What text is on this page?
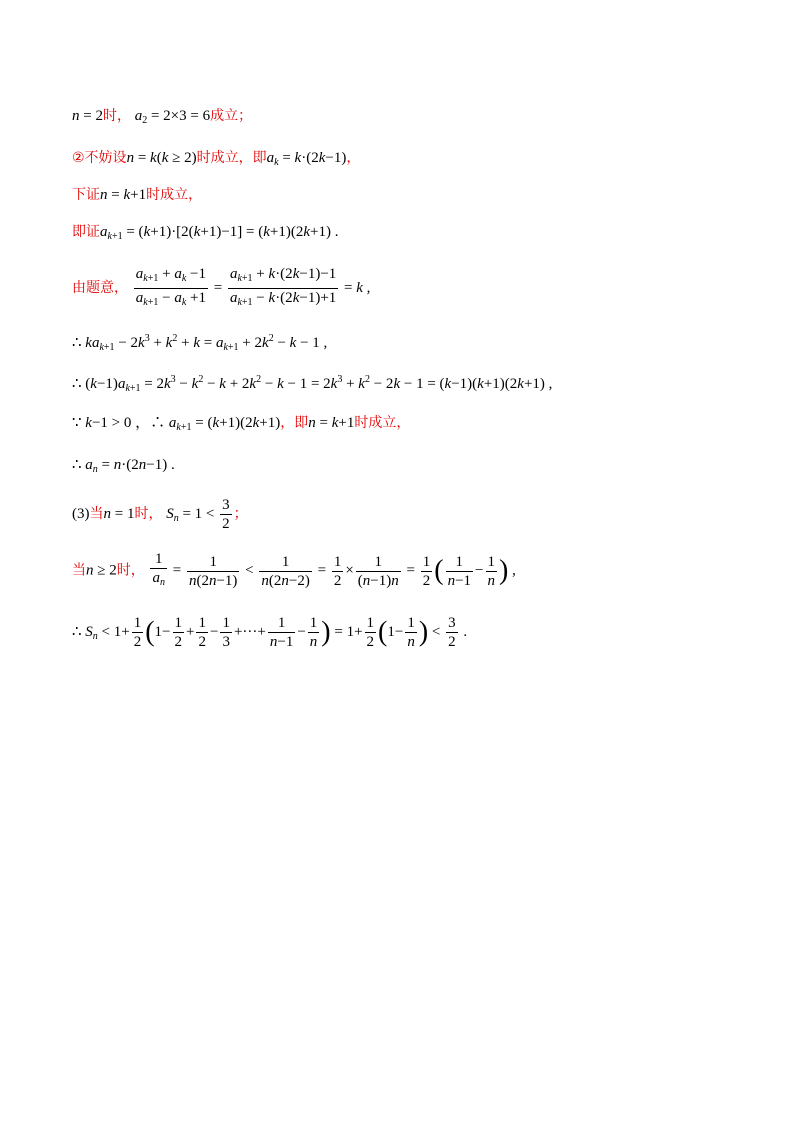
n = 2时， $a_2 = 2\times 3 = 6$成立；
②不妨设n = k(k ≥ 2)时成立，即$a_k = k\cdot(2k-1)$，
下证n = k+1时成立，
即证$a_{k+1} = (k+1)\cdot[2(k+1)-1] = (k+1)(2k+1)$ .
由题意， $\frac{a_{k+1} + a_k -1}{a_{k+1} - a_k +1} = \frac{a_{k+1} + k\cdot(2k-1)-1}{a_{k+1} - k\cdot(2k-1)+1} = k$ ,
∴ $ka_{k+1} - 2k^3 + k^2 + k = a_{k+1} + 2k^2 - k - 1$ ,
∴ $(k-1)a_{k+1} = 2k^3 - k^2 - k + 2k^2 - k - 1 = 2k^3 + k^2 - 2k - 1 = (k-1)(k+1)(2k+1)$ ,
∵ k−1 > 0 ，∴ $a_{k+1} = (k+1)(2k+1)$，即n = k+1时成立，
∴ $a_n = n\cdot(2n-1)$ .
(3)当n = 1时， $S_n = 1 < \frac{3}{2}$ ；
当n ≥ 2时， $\frac{1}{a_n} = \frac{1}{n(2n-1)} < \frac{1}{n(2n-2)} = \frac{1}{2} \times \frac{1}{(n-1)n} = \frac{1}{2}$ ( $\frac{1}{n-1} - \frac{1}{n}$ ) ,
∴ $S_n < 1+ \frac{1}{2} (1- \frac{1}{2} + \frac{1}{2} - \frac{1}{3}$ +···+ $\frac{1}{n-1} - \frac{1}{n}$ ) = $1+ \frac{1}{2} (1- \frac{1}{n}$ ) < $\frac{3}{2}$ .
